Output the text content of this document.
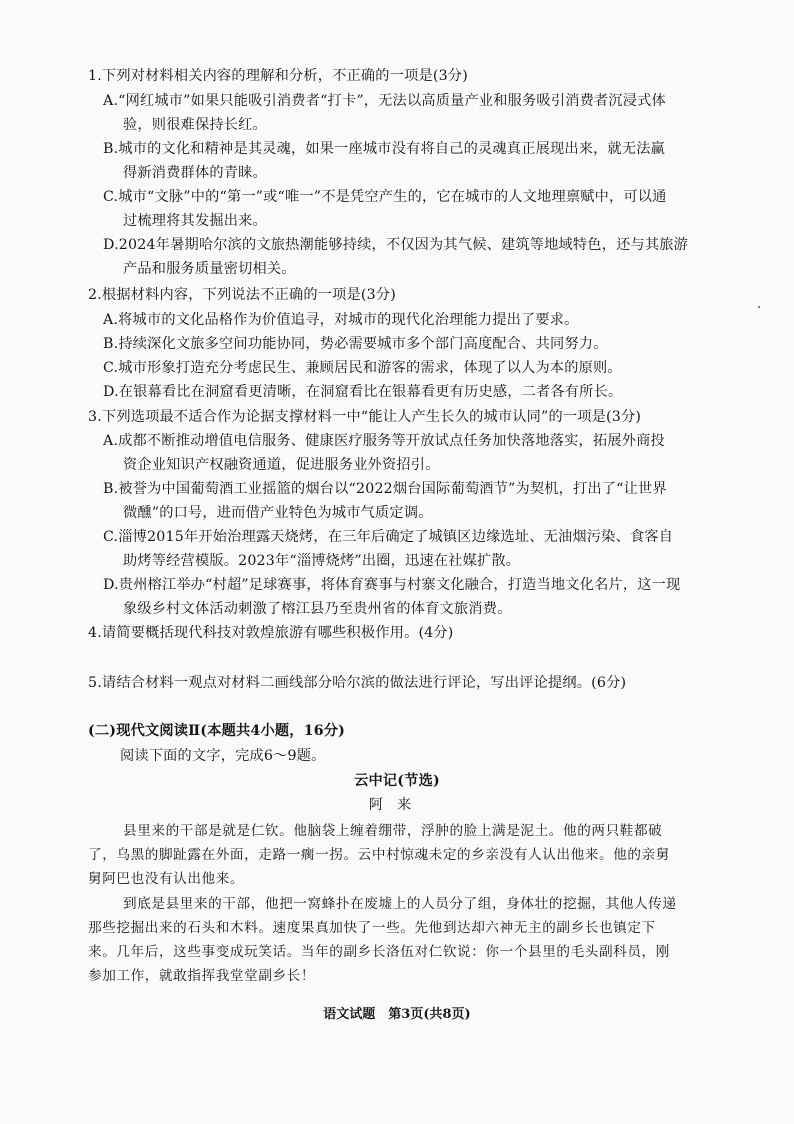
1.下列对材料相关内容的理解和分析，不正确的一项是(3分)
A.“网红城市”如果只能吸引消费者“打卡”，无法以高质量产业和服务吸引消费者沉浸式体
验，则很难保持长红。
B.城市的文化和精神是其灵魂，如果一座城市没有将自己的灵魂真正展现出来，就无法赢
得新消费群体的青睐。
C.城市“文脉”中的“第一”或“唯一”不是凭空产生的，它在城市的人文地理禀赋中，可以通
过梳理将其发掘出来。
D.2024年暑期哈尔滨的文旅热潮能够持续，不仅因为其气候、建筑等地域特色，还与其旅游
产品和服务质量密切相关。
2.根据材料内容，下列说法不正确的一项是(3分)
A.将城市的文化品格作为价值追寻，对城市的现代化治理能力提出了要求。
B.持续深化文旅多空间功能协同，势必需要城市多个部门高度配合、共同努力。
C.城市形象打造充分考虑民生、兼顾居民和游客的需求，体现了以人为本的原则。
D.在银幕看比在洞窟看更清晰，在洞窟看比在银幕看更有历史感，二者各有所长。
3.下列选项最不适合作为论据支撑材料一中“能让人产生长久的城市认同”的一项是(3分)
A.成都不断推动增值电信服务、健康医疗服务等开放试点任务加快落地落实，拓展外商投
资企业知识产权融资通道，促进服务业外资招引。
B.被誉为中国葡萄酒工业摇篮的烟台以“2022烟台国际葡萄酒节”为契机，打出了“让世界
微醺”的口号，进而借产业特色为城市气质定调。
C.淄博2015年开始治理露天烧烤，在三年后确定了城镇区边缘选址、无油烟污染、食客自
助烤等经营模版。2023年“淄博烧烤”出圈，迅速在社媒扩散。
D.贵州榕江举办“村超”足球赛事，将体育赛事与村寨文化融合，打造当地文化名片，这一现
象级乡村文体活动刺激了榕江县乃至贵州省的体育文旅消费。
4.请简要概括现代科技对敦煌旅游有哪些积极作用。(4分)
5.请结合材料一观点对材料二画线部分哈尔滨的做法进行评论，写出评论提纲。(6分)
(二)现代文阅读Ⅱ(本题共4小题，16分)
阅读下面的文字，完成6～9题。
云中记(节选)
阿来
县里来的干部是就是仁钦。他脑袋上缠着绷带，浮肿的脸上满是泥土。他的两只鞋都破
了，乌黑的脚趾露在外面，走路一瘸一拐。云中村惊魂未定的乡亲没有人认出他来。他的亲舅
舅阿巴也没有认出他来。
到底是县里来的干部，他把一窝蜂扑在废墟上的人员分了组，身体壮的挖掘，其他人传递
那些挖掘出来的石头和木料。速度果真加快了一些。先他到达却六神无主的副乡长也镇定下
来。几年后，这些事变成玩笑话。当年的副乡长洛伍对仁钦说：你一个县里的毛头副科员，刚
参加工作，就敢指挥我堂堂副乡长！
语文试题　第3页(共8页)
